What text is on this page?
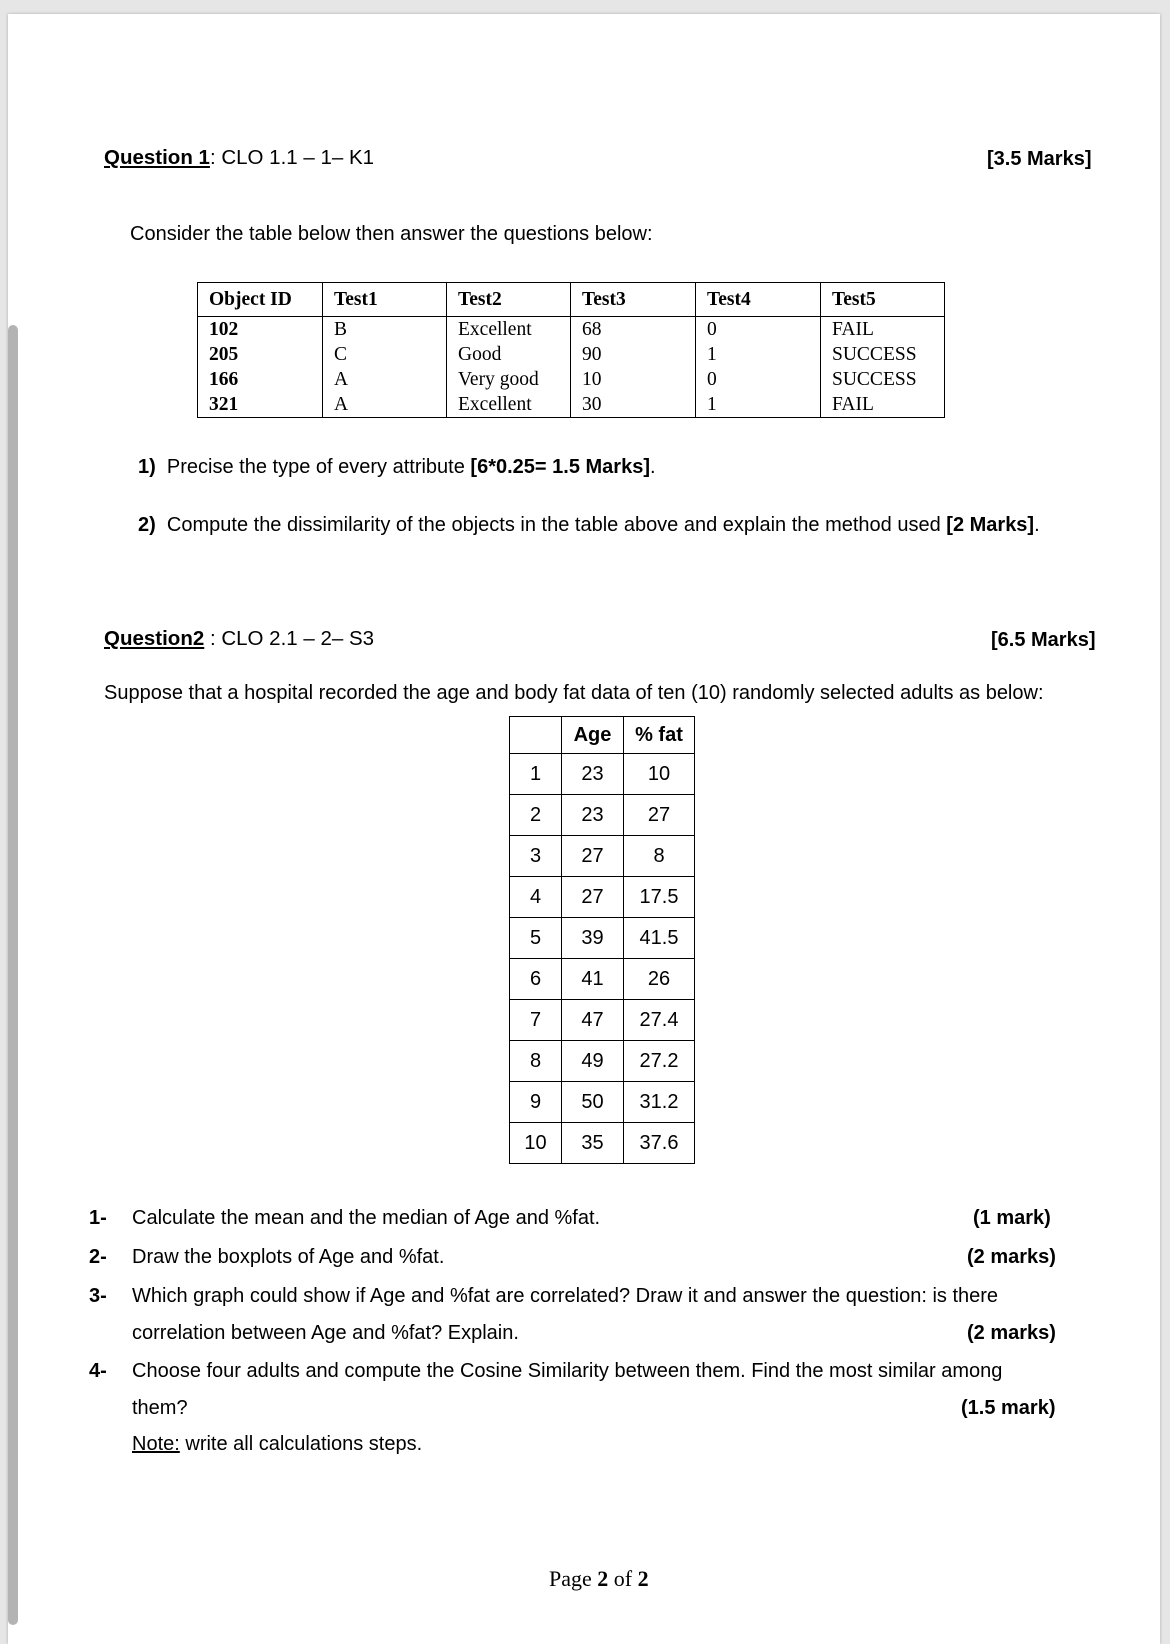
Question 1: CLO 1.1 – 1– K1	[3.5 Marks]
Consider the table below then answer the questions below:
Object ID	Test1	Test2	Test3	Test4	Test5
102	B	Excellent	68	0	FAIL
205	C	Good	90	1	SUCCESS
166	A	Very good	10	0	SUCCESS
321	A	Excellent	30	1	FAIL
1) Precise the type of every attribute [6*0.25= 1.5 Marks].
2) Compute the dissimilarity of the objects in the table above and explain the method used [2 Marks].
Question2 : CLO 2.1 – 2– S3	[6.5 Marks]
Suppose that a hospital recorded the age and body fat data of ten (10) randomly selected adults as below:
	Age	% fat
1	23	10
2	23	27
3	27	8
4	27	17.5
5	39	41.5
6	41	26
7	47	27.4
8	49	27.2
9	50	31.2
10	35	37.6
1- Calculate the mean and the median of Age and %fat.	(1 mark)
2- Draw the boxplots of Age and %fat.	(2 marks)
3- Which graph could show if Age and %fat are correlated? Draw it and answer the question: is there
correlation between Age and %fat? Explain.	(2 marks)
4- Choose four adults and compute the Cosine Similarity between them. Find the most similar among
them?	(1.5 mark)
Note: write all calculations steps.
Page 2 of 2
